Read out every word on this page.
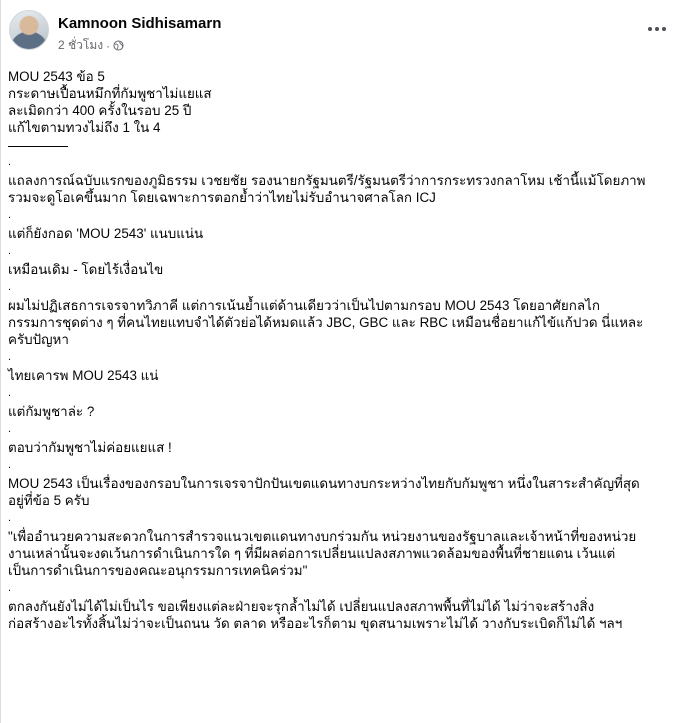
Kamnoon Sidhisamarn
2 ชั่วโมง ·
MOU 2543 ข้อ 5
กระดาษเปื้อนหมึกที่กัมพูชาไม่แยแส
ละเมิดกว่า 400 ครั้งในรอบ 25 ปี
แก้ไขตามทวงไม่ถึง 1 ใน 4
.
แถลงการณ์ฉบับแรกของภูมิธรรม เวชยชัย รองนายกรัฐมนตรี/รัฐมนตรีว่าการกระทรวงกลาโหม เช้านี้แม้โดยภาพ
รวมจะดูโอเคขึ้นมาก โดยเฉพาะการตอกย้ำว่าไทยไม่รับอำนาจศาลโลก ICJ
.
แต่ก็ยังกอด 'MOU 2543' แนบแน่น
.
เหมือนเดิม - โดยไร้เงื่อนไข
.
ผมไม่ปฏิเสธการเจรจาทวิภาคี แต่การเน้นย้ำแต่ด้านเดียวว่าเป็นไปตามกรอบ MOU 2543 โดยอาศัยกลไก
กรรมการชุดต่าง ๆ ที่คนไทยแทบจำได้ตัวย่อได้หมดแล้ว JBC, GBC และ RBC เหมือนชื่อยาแก้ไข้แก้ปวด นี่แหละ
ครับปัญหา
.
ไทยเคารพ MOU 2543 แน่
.
แต่กัมพูชาล่ะ ?
.
ตอบว่ากัมพูชาไม่ค่อยแยแส !
.
MOU 2543 เป็นเรื่องของกรอบในการเจรจาปักปันเขตแดนทางบกระหว่างไทยกับกัมพูชา หนึ่งในสาระสำคัญที่สุด
อยู่ที่ข้อ 5 ครับ
.
"เพื่ออำนวยความสะดวกในการสำรวจแนวเขตแดนทางบกร่วมกัน หน่วยงานของรัฐบาลและเจ้าหน้าที่ของหน่วย
งานเหล่านั้นจะงดเว้นการดำเนินการใด ๆ ที่มีผลต่อการเปลี่ยนแปลงสภาพแวดล้อมของพื้นที่ชายแดน เว้นแต่
เป็นการดำเนินการของคณะอนุกรรมการเทคนิคร่วม"
.
ตกลงกันยังไม่ได้ไม่เป็นไร ขอเพียงแต่ละฝ่ายจะรุกล้ำไม่ได้ เปลี่ยนแปลงสภาพพื้นที่ไม่ได้ ไม่ว่าจะสร้างสิ่ง
ก่อสร้างอะไรทั้งสิ้นไม่ว่าจะเป็นถนน วัด ตลาด หรืออะไรก็ตาม ขุดสนามเพราะไม่ได้ วางกับระเบิดก็ไม่ได้ ฯลฯ
